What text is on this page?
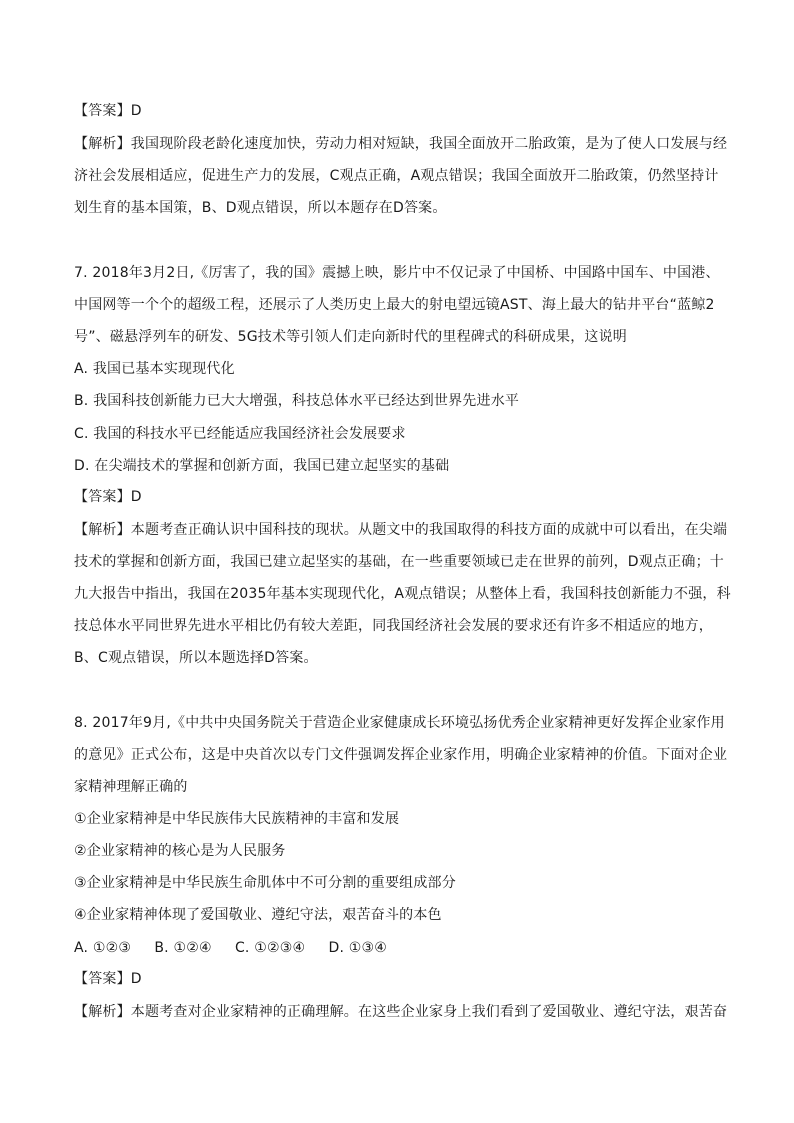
【答案】D
【解析】我国现阶段老龄化速度加快，劳动力相对短缺，我国全面放开二胎政策，是为了使人口发展与经
济社会发展相适应，促进生产力的发展，C观点正确，A观点错误；我国全面放开二胎政策，仍然坚持计
划生育的基本国策，B、D观点错误，所以本题存在D答案。
7. 2018年3月2日,《厉害了，我的国》震撼上映，影片中不仅记录了中国桥、中国路中国车、中国港、
中国网等一个个的超级工程，还展示了人类历史上最大的射电望远镜AST、海上最大的钻井平台“蓝鲸2
号”、磁悬浮列车的研发、5G技术等引领人们走向新时代的里程碑式的科研成果，这说明
A. 我国已基本实现现代化
B. 我国科技创新能力已大大增强，科技总体水平已经达到世界先进水平
C. 我国的科技水平已经能适应我国经济社会发展要求
D. 在尖端技术的掌握和创新方面，我国已建立起坚实的基础
【答案】D
【解析】本题考查正确认识中国科技的现状。从题文中的我国取得的科技方面的成就中可以看出，在尖端
技术的掌握和创新方面，我国已建立起坚实的基础，在一些重要领域已走在世界的前列，D观点正确；十
九大报告中指出，我国在2035年基本实现现代化，A观点错误；从整体上看，我国科技创新能力不强，科
技总体水平同世界先进水平相比仍有较大差距，同我国经济社会发展的要求还有许多不相适应的地方，
B、C观点错误，所以本题选择D答案。
8. 2017年9月,《中共中央国务院关于营造企业家健康成长环境弘扬优秀企业家精神更好发挥企业家作用
的意见》正式公布，这是中央首次以专门文件强调发挥企业家作用，明确企业家精神的价值。下面对企业
家精神理解正确的
①企业家精神是中华民族伟大民族精神的丰富和发展
②企业家精神的核心是为人民服务
③企业家精神是中华民族生命肌体中不可分割的重要组成部分
④企业家精神体现了爱国敬业、遵纪守法，艰苦奋斗的本色
A. ①②③     B. ①②④     C. ①②③④     D. ①③④
【答案】D
【解析】本题考查对企业家精神的正确理解。在这些企业家身上我们看到了爱国敬业、遵纪守法，艰苦奋
